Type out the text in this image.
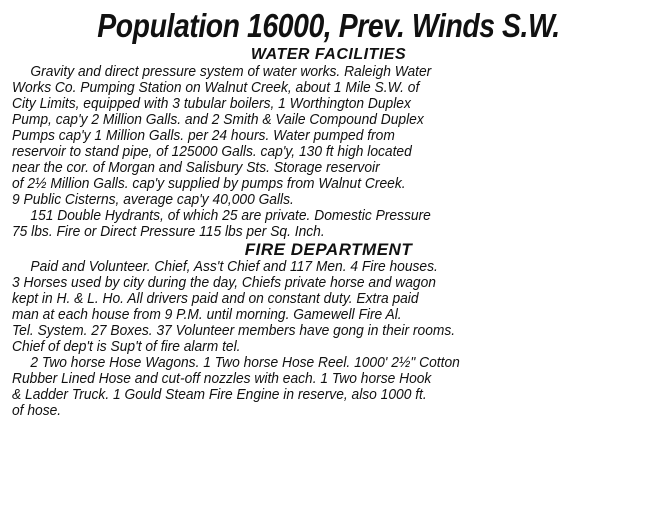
Population 16000, Prev. Winds S.W.
WATER FACILITIES
Gravity and direct pressure system of water works. Raleigh Water
Works Co. Pumping Station on Walnut Creek, about 1 Mile S.W. of
City Limits, equipped with 3 tubular boilers, 1 Worthington Duplex
Pump, cap'y 2 Million Galls. and 2 Smith & Vaile Compound Duplex
Pumps cap'y 1 Million Galls. per 24 hours. Water pumped from
reservoir to stand pipe, of 125000 Galls. cap'y, 130 ft high located
near the cor. of Morgan and Salisbury Sts. Storage reservoir
of 2½ Million Galls. cap'y supplied by pumps from Walnut Creek.
9 Public Cisterns, average cap'y 40,000 Galls.
151 Double Hydrants, of which 25 are private. Domestic Pressure
75 lbs. Fire or Direct Pressure 115 lbs per Sq. Inch.
FIRE DEPARTMENT
Paid and Volunteer. Chief, Ass't Chief and 117 Men. 4 Fire houses.
3 Horses used by city during the day, Chiefs private horse and wagon
kept in H. & L. Ho. All drivers paid and on constant duty. Extra paid
man at each house from 9 P.M. until morning. Gamewell Fire Al.
Tel. System. 27 Boxes. 37 Volunteer members have gong in their rooms.
Chief of dep't is Sup't of fire alarm tel.
2 Two horse Hose Wagons. 1 Two horse Hose Reel. 1000' 2½" Cotton
Rubber Lined Hose and cut-off nozzles with each. 1 Two horse Hook
& Ladder Truck. 1 Gould Steam Fire Engine in reserve, also 1000 ft.
of hose.
